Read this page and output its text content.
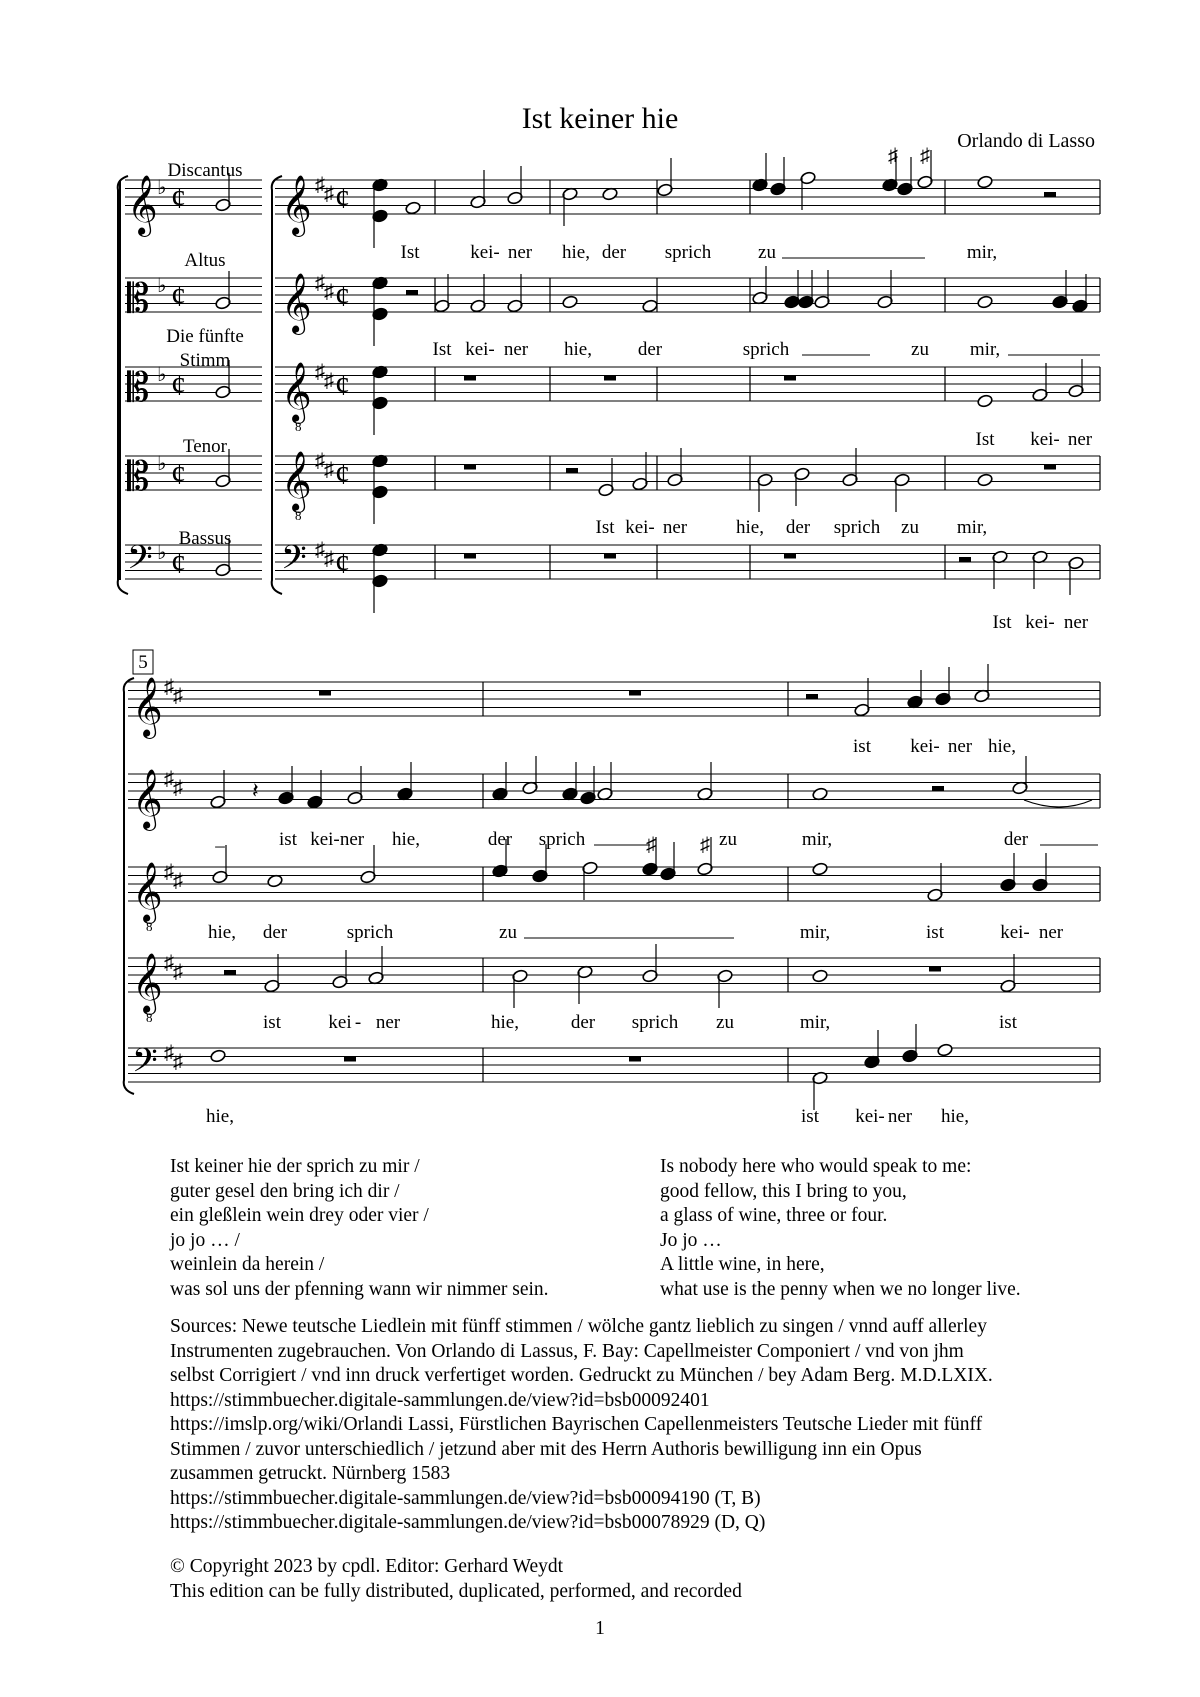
Ist keiner hie
Orlando di Lasso
Discantus
𝄞 ♭ ¢
Altus
𝄡 ♭ ¢
Die fünfte
Stimm
𝄡 ♭ ¢
Tenor
𝄡 ♭ ¢
Bassus
𝄢 ♭ ¢
𝄞 ♯ ♯ ¢
𝄞 ♯ ♯ ¢
𝄞
8
♯ ♯ ¢
𝄞
8
♯ ♯ ¢
𝄢 ♯ ♯ ¢
♯ ♯
Ist	kei- ner hie, der sprich zu	mir,
Ist kei- ner hie, der	sprich	zu mir,
Ist kei- ner
Ist kei- ner	hie, der sprich zu mir,
Ist kei- ner
5
𝄞 ♯ ♯
𝄞 ♯ ♯
𝄞
8
♯ ♯
𝄞
8
♯ ♯
𝄢 ♯ ♯
𝄽
♯ ♯
ist kei- ner hie,
_	ist kei- ner hie,	der sprich	zu	mir,	der
hie, der	sprich	zu	mir,	ist	kei- ner
ist kei - ner	hie,	der sprich zu	mir,	ist
hie,	ist kei- ner hie,
Ist keiner hie der sprich zu mir /
guter gesel den bring ich dir /
ein gleßlein wein drey oder vier /
jo jo … /
weinlein da herein /
was sol uns der pfenning wann wir nimmer sein.
Is nobody here who would speak to me:
good fellow, this I bring to you,
a glass of wine, three or four.
Jo jo …
A little wine, in here,
what use is the penny when we no longer live.
Sources: Newe teutsche Liedlein mit fünff stimmen / wölche gantz lieblich zu singen / vnnd auff allerley
Instrumenten zugebrauchen. Von Orlando di Lassus, F. Bay: Capellmeister Componiert / vnd von jhm
selbst Corrigiert / vnd inn druck verfertiget worden. Gedruckt zu München / bey Adam Berg. M.D.LXIX.
https://stimmbuecher.digitale-sammlungen.de/view?id=bsb00092401
https://imslp.org/wiki/Orlandi Lassi, Fürstlichen Bayrischen Capellenmeisters Teutsche Lieder mit fünff
Stimmen / zuvor unterschiedlich / jetzund aber mit des Herrn Authoris bewilligung inn ein Opus
zusammen getruckt. Nürnberg 1583
https://stimmbuecher.digitale-sammlungen.de/view?id=bsb00094190 (T, B)
https://stimmbuecher.digitale-sammlungen.de/view?id=bsb00078929 (D, Q)
© Copyright 2023 by cpdl. Editor: Gerhard Weydt
This edition can be fully distributed, duplicated, performed, and recorded
1
